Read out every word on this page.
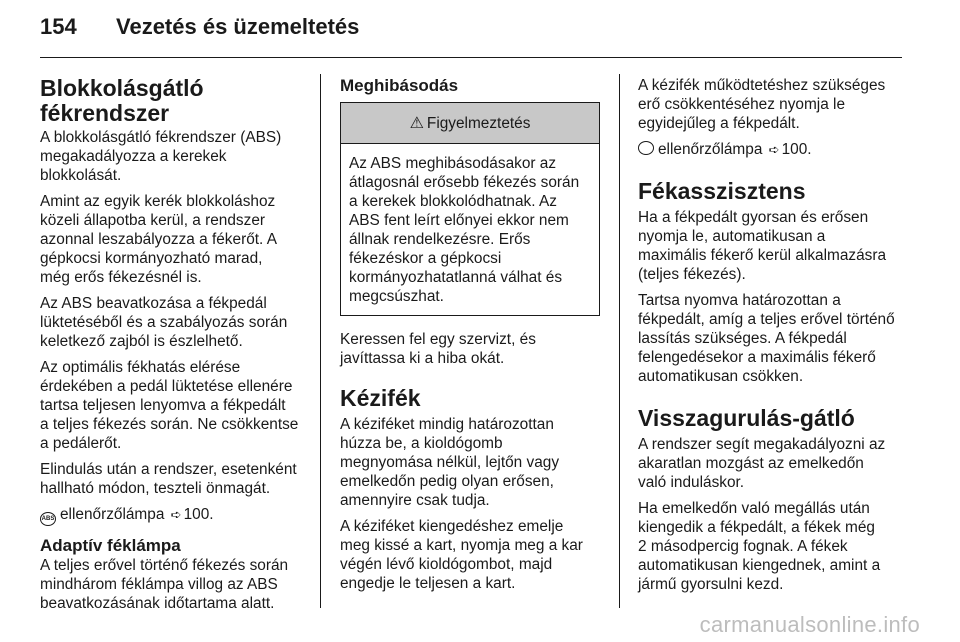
154	Vezetés és üzemeltetés
Blokkolásgátló
fékrendszer

A blokkolásgátló fékrendszer (ABS)
megakadályozza a kerekek
blokkolását.

Amint az egyik kerék blokkoláshoz
közeli állapotba kerül, a rendszer
azonnal leszabályozza a fékerőt. A
gépkocsi kormányozható marad,
még erős fékezésnél is.

Az ABS beavatkozása a fékpedál
lüktetéséből és a szabályozás során
keletkező zajból is észlelhető.

Az optimális fékhatás elérése
érdekében a pedál lüktetése ellenére
tartsa teljesen lenyomva a fékpedált
a teljes fékezés során. Ne csökkentse
a pedálerőt.

Elindulás után a rendszer, esetenként
hallható módon, teszteli önmagát.

ABS ellenőrzőlámpa ➪ 100.

Adaptív féklámpa

A teljes erővel történő fékezés során
mindhárom féklámpa villog az ABS
beavatkozásának időtartama alatt.

Meghibásodás
⚠ Figyelmeztetés

Az ABS meghibásodásakor az
átlagosnál erősebb fékezés során
a kerekek blokkolódhatnak. Az
ABS fent leírt előnyei ekkor nem
állnak rendelkezésre. Erős
fékezéskor a gépkocsi
kormányozhatatlanná válhat és
megcsúszhat.

Keressen fel egy szervizt, és
javíttassa ki a hiba okát.

Kézifék

A kéziféket mindig határozottan
húzza be, a kioldógomb
megnyomása nélkül, lejtőn vagy
emelkedőn pedig olyan erősen,
amennyire csak tudja.

A kéziféket kiengedéshez emelje
meg kissé a kart, nyomja meg a kar
végén lévő kioldógombot, majd
engedje le teljesen a kart.

A kézifék működtetéshez szükséges
erő csökkentéséhez nyomja le
egyidejűleg a fékpedált.

ellenőrzőlámpa ➪ 100.

Fékasszisztens

Ha a fékpedált gyorsan és erősen
nyomja le, automatikusan a
maximális fékerő kerül alkalmazásra
(teljes fékezés).

Tartsa nyomva határozottan a
fékpedált, amíg a teljes erővel történő
lassítás szükséges. A fékpedál
felengedésekor a maximális fékerő
automatikusan csökken.

Visszagurulás-gátló

A rendszer segít megakadályozni az
akaratlan mozgást az emelkedőn
való induláskor.

Ha emelkedőn való megállás után
kiengedik a fékpedált, a fékek még
2 másodpercig fognak. A fékek
automatikusan kiengednek, amint a
jármű gyorsulni kezd.

carmanualsonline.info
